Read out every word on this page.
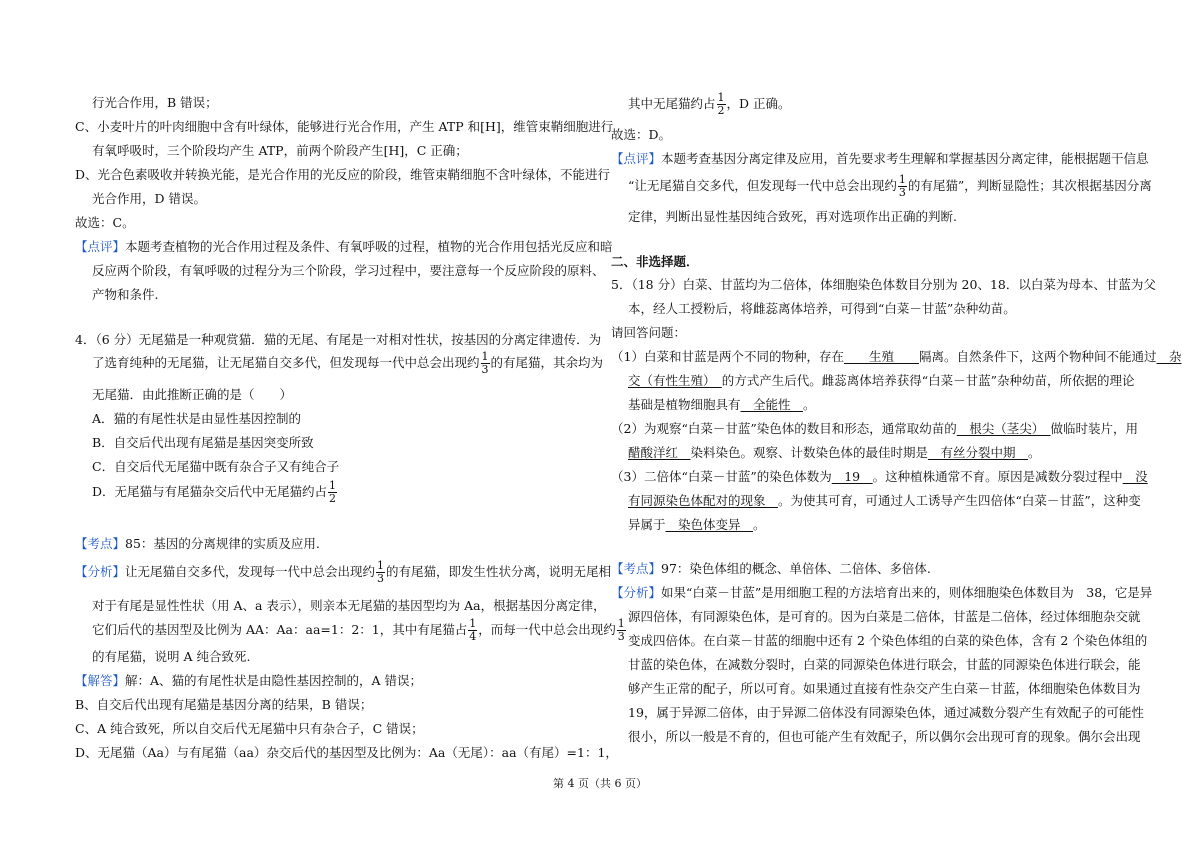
行光合作用，B 错误；
C、小麦叶片的叶肉细胞中含有叶绿体，能够进行光合作用，产生 ATP 和[H]，维管束鞘细胞进行
有氧呼吸时，三个阶段均产生 ATP，前两个阶段产生[H]，C 正确；
D、光合色素吸收并转换光能，是光合作用的光反应的阶段，维管束鞘细胞不含叶绿体，不能进行
光合作用，D 错误。
故选：C。
【点评】本题考查植物的光合作用过程及条件、有氧呼吸的过程，植物的光合作用包括光反应和暗
反应两个阶段，有氧呼吸的过程分为三个阶段，学习过程中，要注意每一个反应阶段的原料、
产物和条件.
4．（6 分）无尾猫是一种观赏猫．猫的无尾、有尾是一对相对性状，按基因的分离定律遗传．为
了选育纯种的无尾猫，让无尾猫自交多代，但发现每一代中总会出现约 $\frac{1}{3}$ 的有尾猫，其余均为
无尾猫．由此推断正确的是（　　）
A．猫的有尾性状是由显性基因控制的
B．自交后代出现有尾猫是基因突变所致
C．自交后代无尾猫中既有杂合子又有纯合子
D．无尾猫与有尾猫杂交后代中无尾猫约占 $\frac{1}{2}$
【考点】85：基因的分离规律的实质及应用.
【分析】让无尾猫自交多代，发现每一代中总会出现约 $\frac{1}{3}$ 的有尾猫，即发生性状分离，说明无尾相
对于有尾是显性性状（用 A、a 表示），则亲本无尾猫的基因型均为 Aa，根据基因分离定律，
它们后代的基因型及比例为 AA：Aa：aa=1：2：1，其中有尾猫占 $\frac{1}{4}$ ，而每一代中总会出现约 $\frac{1}{3}$
的有尾猫，说明 A 纯合致死.
【解答】解：A、猫的有尾性状是由隐性基因控制的，A 错误；
B、自交后代出现有尾猫是基因分离的结果，B 错误；
C、A 纯合致死，所以自交后代无尾猫中只有杂合子，C 错误；
D、无尾猫（Aa）与有尾猫（aa）杂交后代的基因型及比例为：Aa（无尾）：aa（有尾）=1：1，
其中无尾猫约占 $\frac{1}{2}$ ，D 正确。
故选：D。
【点评】本题考查基因分离定律及应用，首先要求考生理解和掌握基因分离定律，能根据题干信息
“让无尾猫自交多代，但发现每一代中总会出现约 $\frac{1}{3}$ 的有尾猫”，判断显隐性；其次根据基因分离
定律，判断出显性基因纯合致死，再对选项作出正确的判断.
二、非选择题．
5．（18 分）白菜、甘蓝均为二倍体，体细胞染色体数目分别为 20、18．以白菜为母本、甘蓝为父
本，经人工授粉后，将雌蕊离体培养，可得到“白菜－甘蓝”杂种幼苗。
请回答问题：
（1）白菜和甘蓝是两个不同的物种，存在　　生殖　　隔离。自然条件下，这两个物种间不能通过　杂
交（有性生殖）　的方式产生后代。雌蕊离体培养获得“白菜－甘蓝”杂种幼苗，所依据的理论
基础是植物细胞具有　全能性　。
（2）为观察“白菜－甘蓝”染色体的数目和形态，通常取幼苗的　根尖（茎尖）　做临时装片，用
醋酸洋红　染料染色。观察、计数染色体的最佳时期是　有丝分裂中期　。
（3）二倍体“白菜－甘蓝”的染色体数为　19　。这种植株通常不育。原因是减数分裂过程中　没
有同源染色体配对的现象　。为使其可育，可通过人工诱导产生四倍体“白菜－甘蓝”，这种变
异属于　染色体变异　。
【考点】97：染色体组的概念、单倍体、二倍体、多倍体.
【分析】如果“白菜－甘蓝”是用细胞工程的方法培育出来的，则体细胞染色体数目为　38，它是异
源四倍体，有同源染色体，是可育的。因为白菜是二倍体，甘蓝是二倍体，经过体细胞杂交就
变成四倍体。在白菜－甘蓝的细胞中还有 2 个染色体组的白菜的染色体，含有 2 个染色体组的
甘蓝的染色体，在减数分裂时，白菜的同源染色体进行联会，甘蓝的同源染色体进行联会，能
够产生正常的配子，所以可育。如果通过直接有性杂交产生白菜－甘蓝，体细胞染色体数目为
19，属于异源二倍体，由于异源二倍体没有同源染色体，通过减数分裂产生有效配子的可能性
很小，所以一般是不育的，但也可能产生有效配子，所以偶尔会出现可育的现象。偶尔会出现
第 4 页（共 6 页）
